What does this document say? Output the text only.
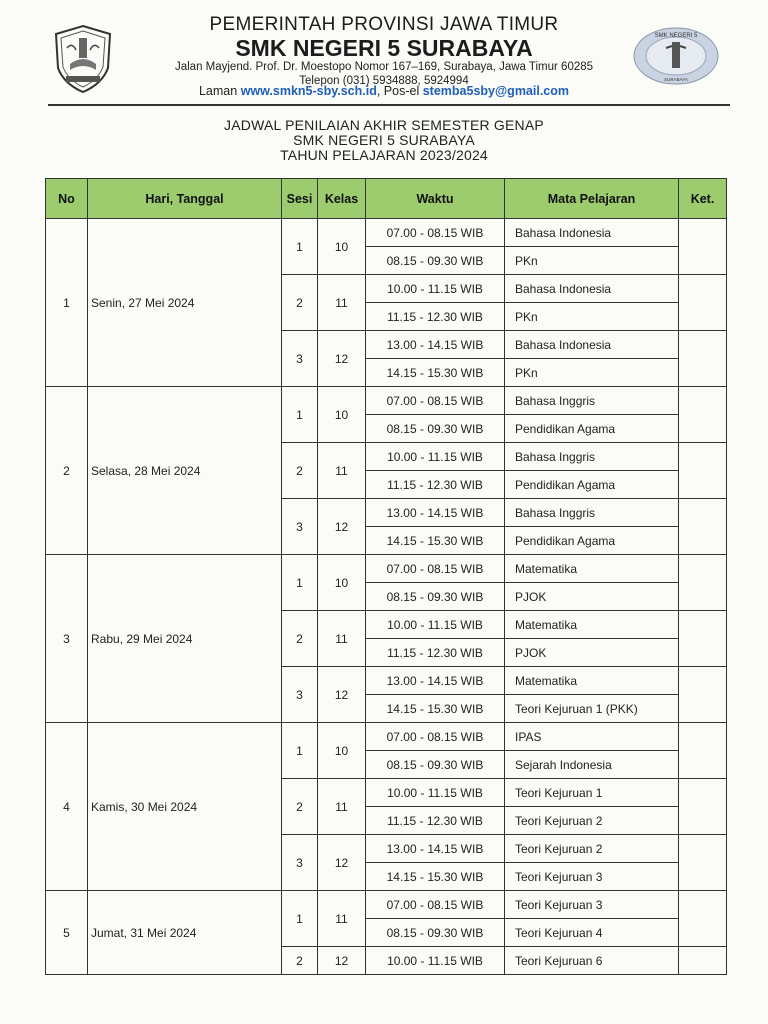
PEMERINTAH PROVINSI JAWA TIMUR
SMK NEGERI 5 SURABAYA
Jalan Mayjend. Prof. Dr. Moestopo Nomor 167–169, Surabaya, Jawa Timur 60285
Telepon (031) 5934888, 5924994
Laman www.smkn5-sby.sch.id, Pos-el stemba5sby@gmail.com
SMK NEGERI 5
SURABAYA
JADWAL PENILAIAN AKHIR SEMESTER GENAP
SMK NEGERI 5 SURABAYA
TAHUN PELAJARAN 2023/2024
No	Hari, Tanggal	Sesi	Kelas	Waktu	Mata Pelajaran	Ket.
1	Senin, 27 Mei 2024	1	10	07.00 - 08.15 WIB	Bahasa Indonesia	
				08.15 - 09.30 WIB	PKn	
		2	11	10.00 - 11.15 WIB	Bahasa Indonesia	
				11.15 - 12.30 WIB	PKn	
		3	12	13.00 - 14.15 WIB	Bahasa Indonesia	
				14.15 - 15.30 WIB	PKn	
2	Selasa, 28 Mei 2024	1	10	07.00 - 08.15 WIB	Bahasa Inggris	
				08.15 - 09.30 WIB	Pendidikan Agama	
		2	11	10.00 - 11.15 WIB	Bahasa Inggris	
				11.15 - 12.30 WIB	Pendidikan Agama	
		3	12	13.00 - 14.15 WIB	Bahasa Inggris	
				14.15 - 15.30 WIB	Pendidikan Agama	
3	Rabu, 29 Mei 2024	1	10	07.00 - 08.15 WIB	Matematika	
				08.15 - 09.30 WIB	PJOK	
		2	11	10.00 - 11.15 WIB	Matematika	
				11.15 - 12.30 WIB	PJOK	
		3	12	13.00 - 14.15 WIB	Matematika	
				14.15 - 15.30 WIB	Teori Kejuruan 1 (PKK)	
4	Kamis, 30 Mei 2024	1	10	07.00 - 08.15 WIB	IPAS	
				08.15 - 09.30 WIB	Sejarah Indonesia	
		2	11	10.00 - 11.15 WIB	Teori Kejuruan 1	
				11.15 - 12.30 WIB	Teori Kejuruan 2	
		3	12	13.00 - 14.15 WIB	Teori Kejuruan 2	
				14.15 - 15.30 WIB	Teori Kejuruan 3	
5	Jumat, 31 Mei 2024	1	11	07.00 - 08.15 WIB	Teori Kejuruan 3	
				08.15 - 09.30 WIB	Teori Kejuruan 4	
		2	12	10.00 - 11.15 WIB	Teori Kejuruan 6	
